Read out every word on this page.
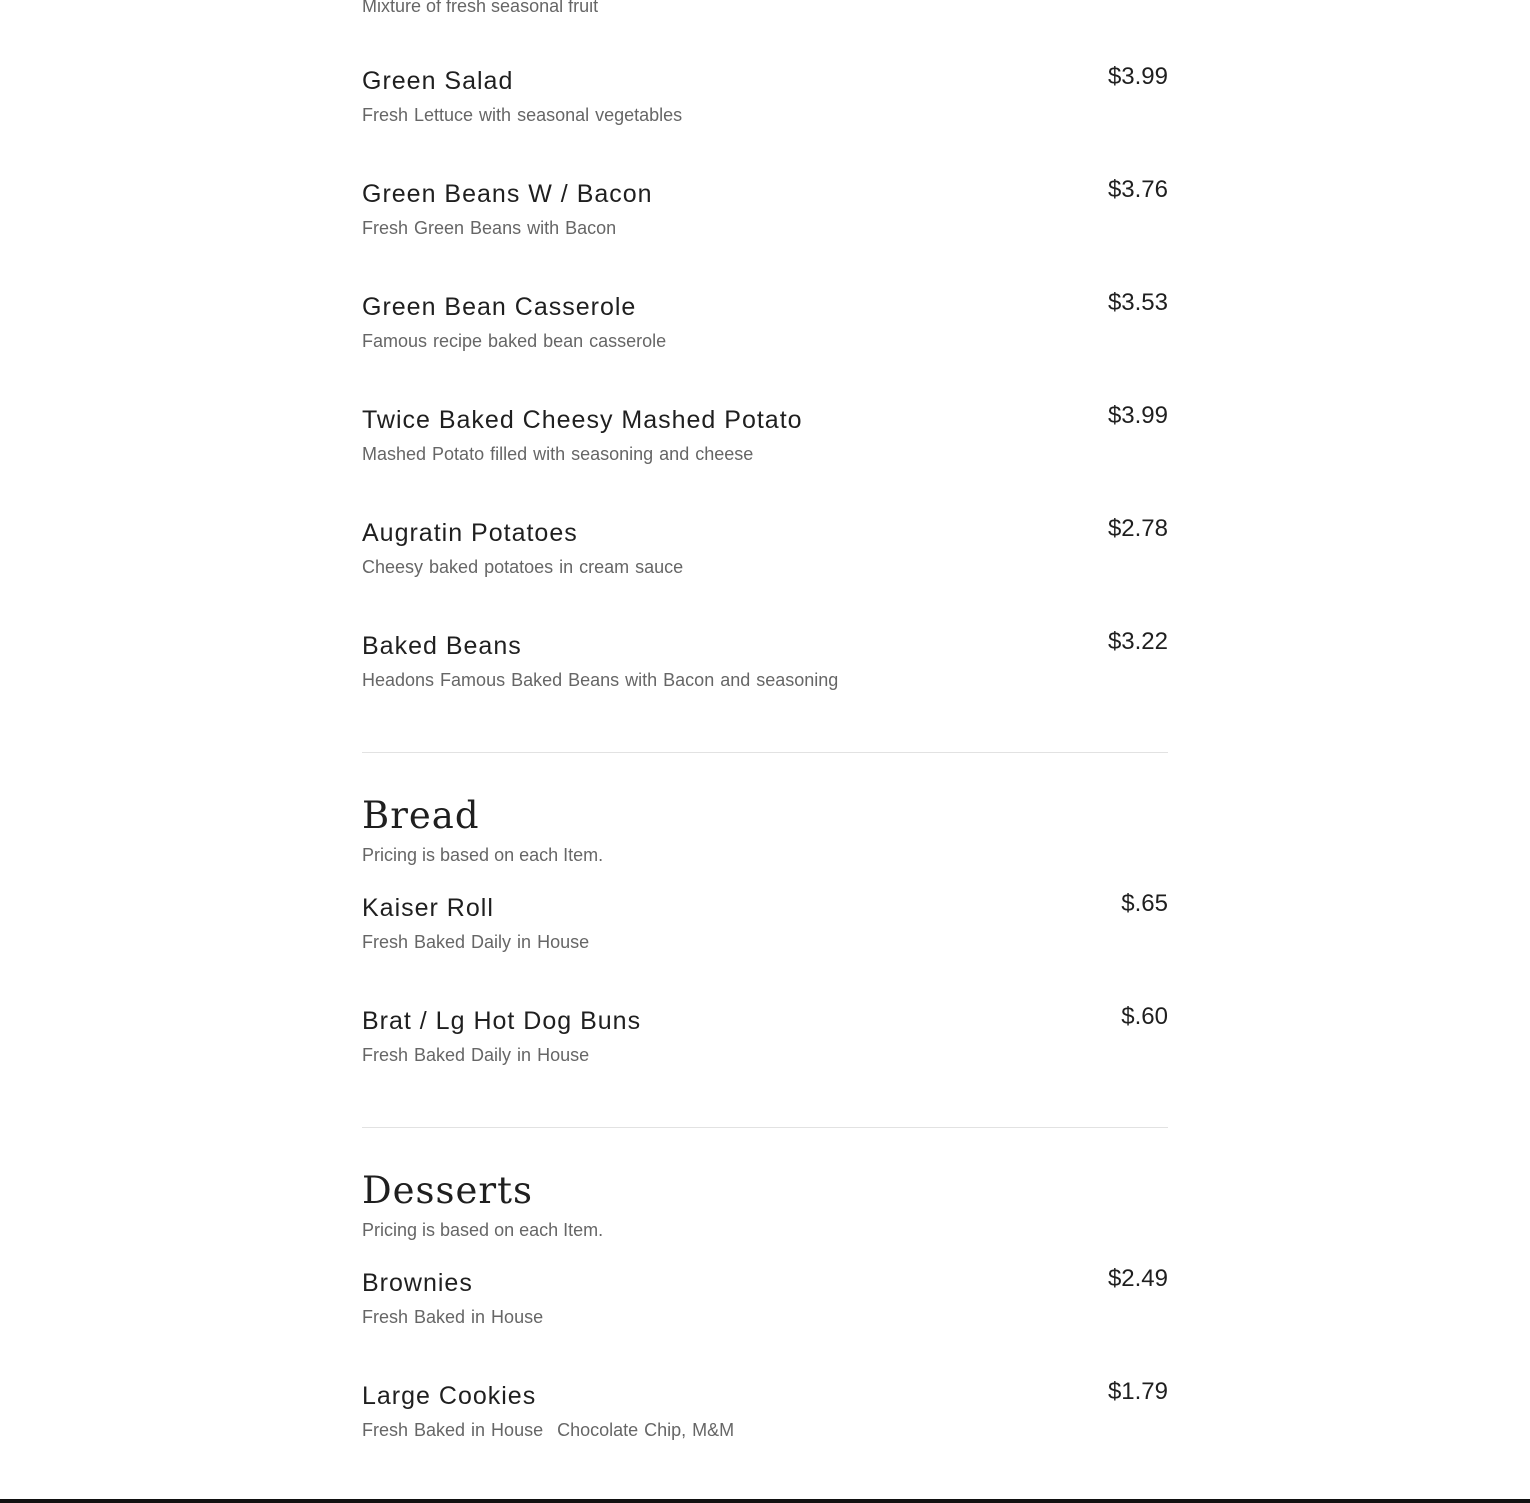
Mixture of fresh seasonal fruit
Green Salad	$3.99
Fresh Lettuce with seasonal vegetables
Green Beans W / Bacon	$3.76
Fresh Green Beans with Bacon
Green Bean Casserole	$3.53
Famous recipe baked bean casserole
Twice Baked Cheesy Mashed Potato	$3.99
Mashed Potato filled with seasoning and cheese
Augratin Potatoes	$2.78
Cheesy baked potatoes in cream sauce
Baked Beans	$3.22
Headons Famous Baked Beans with Bacon and seasoning
Bread
Pricing is based on each Item.
Kaiser Roll	$.65
Fresh Baked Daily in House
Brat / Lg Hot Dog Buns	$.60
Fresh Baked Daily in House
Desserts
Pricing is based on each Item.
Brownies	$2.49
Fresh Baked in House
Large Cookies	$1.79
Fresh Baked in House Chocolate Chip, M&M
